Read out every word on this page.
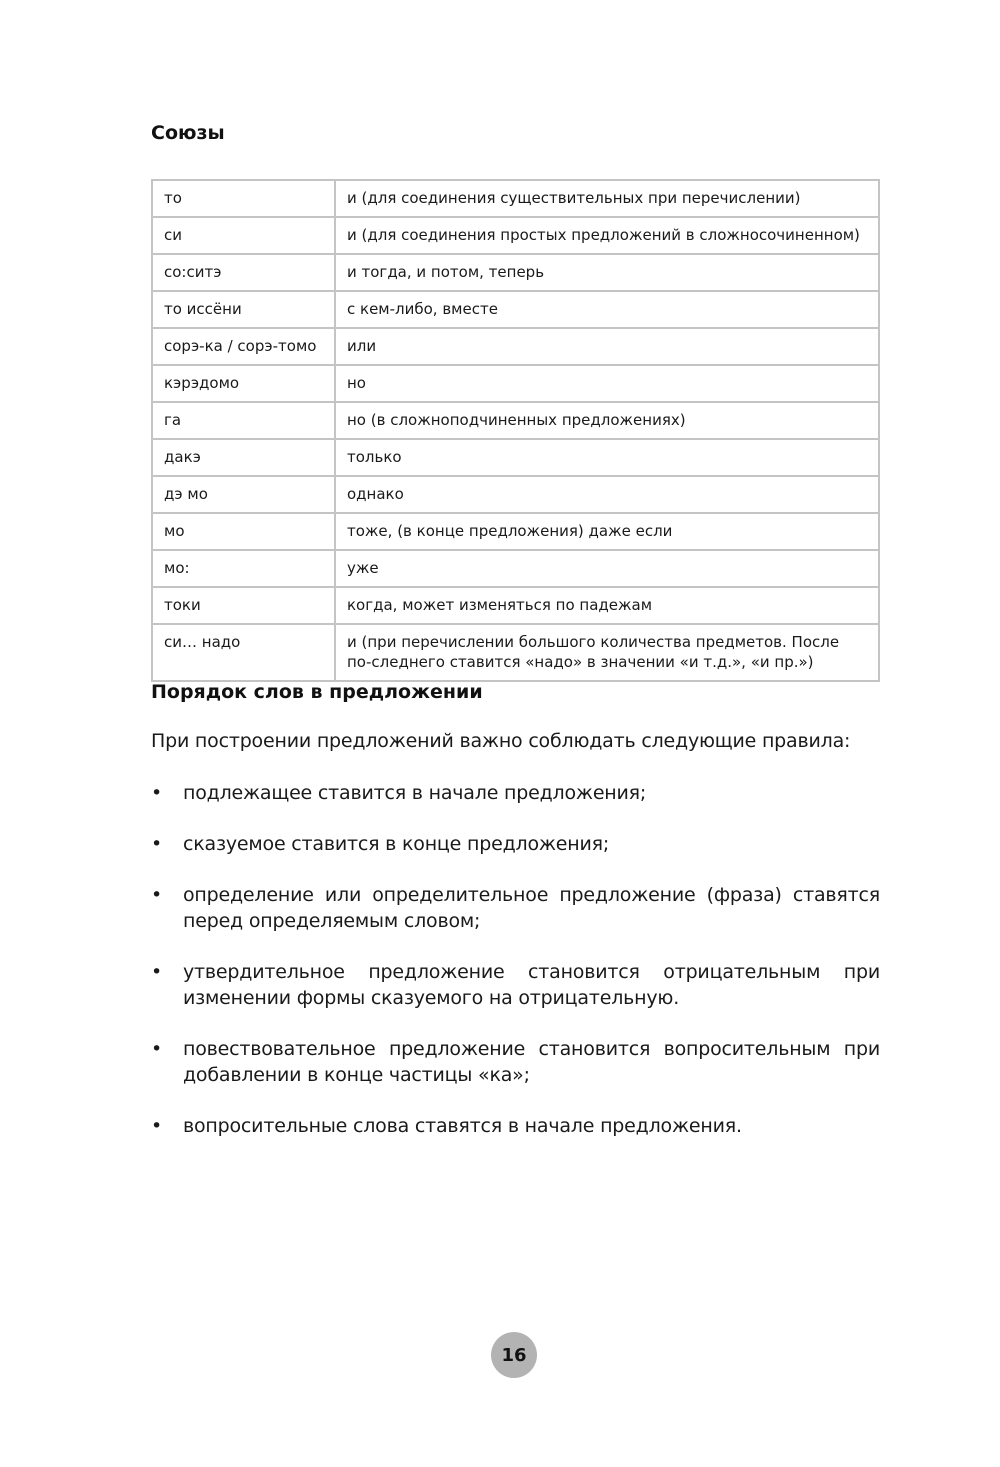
Союзы
то	и (для соединения существительных при перечислении)
си	и (для соединения простых предложений в сложносочиненном)
со:ситэ	и тогда, и потом, теперь
то иссёни	с кем-либо, вместе
сорэ-ка / сорэ-томо	или
кэрэдомо	но
га	но (в сложноподчиненных предложениях)
дакэ	только
дэ мо	однако
мо	тоже, (в конце предложения) даже если
мо:	уже
токи	когда, может изменяться по падежам
си… надо	и (при перечислении большого количества предметов. После по-следнего ставится «надо» в значении «и т.д.», «и пр.»)
Порядок слов в предложении

При построении предложений важно соблюдать следующие правила:

• подлежащее ставится в начале предложения;
• сказуемое ставится в конце предложения;
• определение или определительное предложение (фраза) ставятся перед определяемым словом;
• утвердительное предложение становится отрицательным при изменении формы сказуемого на отрицательную.
• повествовательное предложение становится вопросительным при добавлении в конце частицы «ка»;
• вопросительные слова ставятся в начале предложения.
16
